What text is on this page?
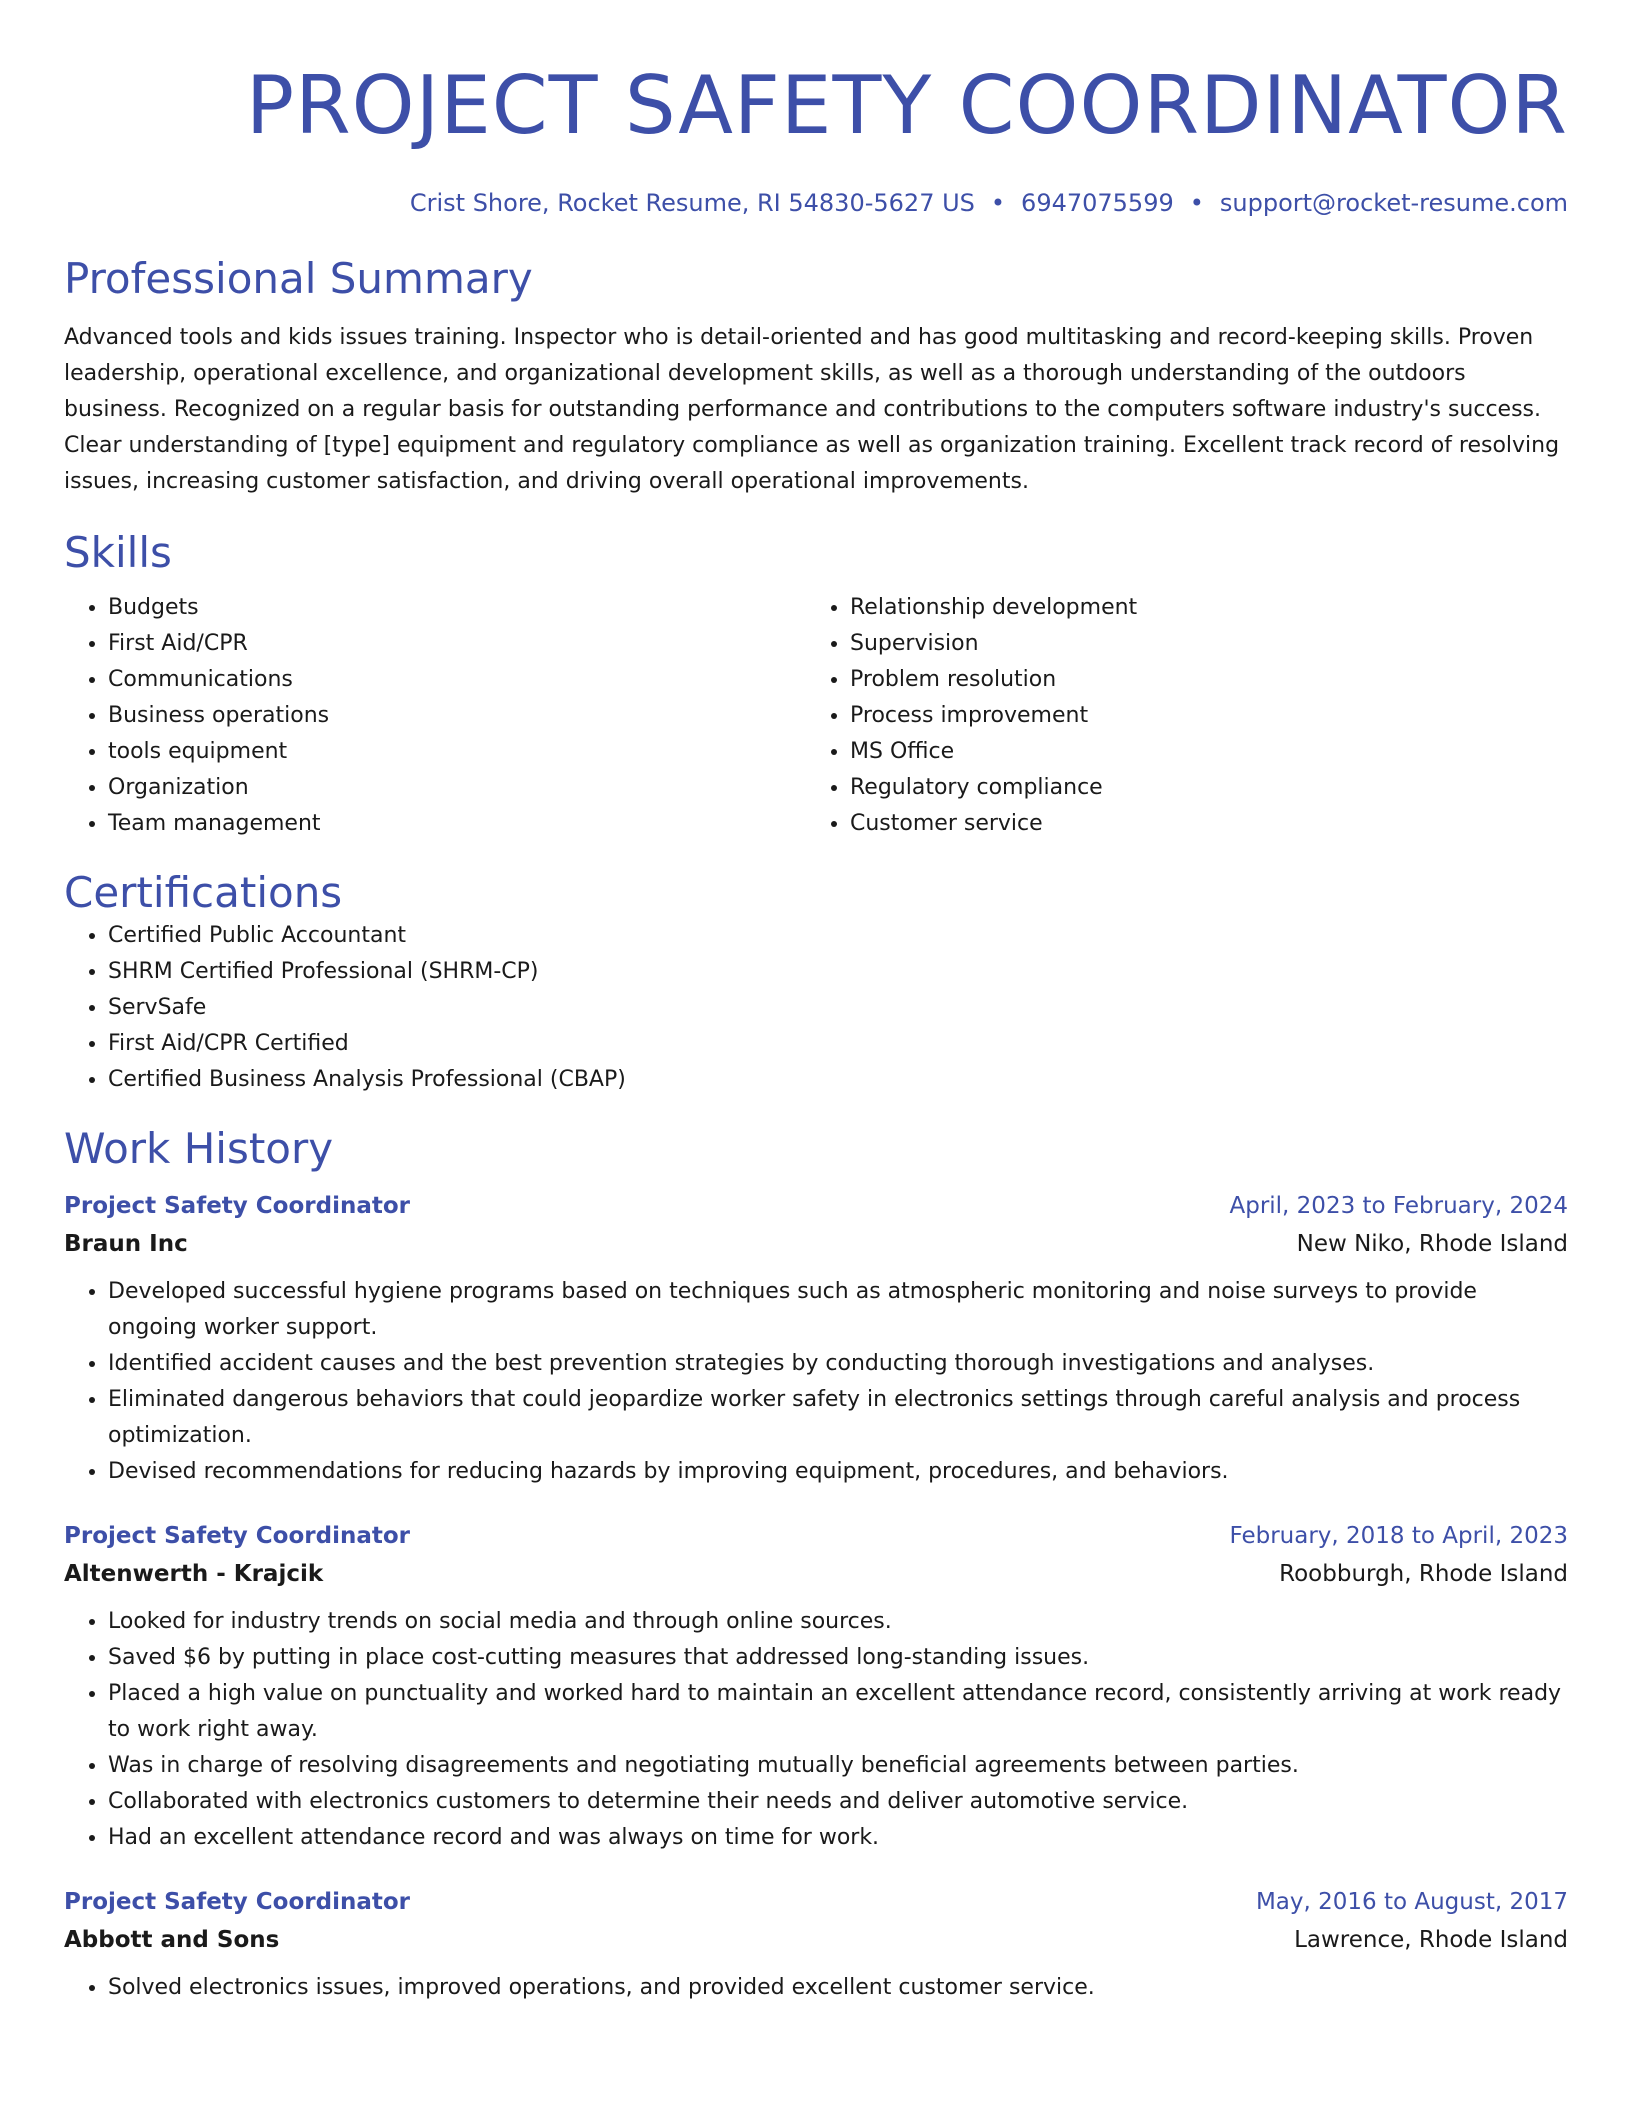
PROJECT SAFETY COORDINATOR
Crist Shore, Rocket Resume, RI 54830-5627 US • 6947075599 • support@rocket-resume.com
Professional Summary
Advanced tools and kids issues training. Inspector who is detail-oriented and has good multitasking and record-keeping skills. Proven leadership, operational excellence, and organizational development skills, as well as a thorough understanding of the outdoors business. Recognized on a regular basis for outstanding performance and contributions to the computers software industry's success. Clear understanding of [type] equipment and regulatory compliance as well as organization training. Excellent track record of resolving issues, increasing customer satisfaction, and driving overall operational improvements.
Skills
• Budgets
• First Aid/CPR
• Communications
• Business operations
• tools equipment
• Organization
• Team management
• Relationship development
• Supervision
• Problem resolution
• Process improvement
• MS Office
• Regulatory compliance
• Customer service
Certifications
• Certified Public Accountant
• SHRM Certified Professional (SHRM-CP)
• ServSafe
• First Aid/CPR Certified
• Certified Business Analysis Professional (CBAP)
Work History
Project Safety Coordinator	April, 2023 to February, 2024
Braun Inc	New Niko, Rhode Island
• Developed successful hygiene programs based on techniques such as atmospheric monitoring and noise surveys to provide ongoing worker support.
• Identified accident causes and the best prevention strategies by conducting thorough investigations and analyses.
• Eliminated dangerous behaviors that could jeopardize worker safety in electronics settings through careful analysis and process optimization.
• Devised recommendations for reducing hazards by improving equipment, procedures, and behaviors.
Project Safety Coordinator	February, 2018 to April, 2023
Altenwerth - Krajcik	Roobburgh, Rhode Island
• Looked for industry trends on social media and through online sources.
• Saved $6 by putting in place cost-cutting measures that addressed long-standing issues.
• Placed a high value on punctuality and worked hard to maintain an excellent attendance record, consistently arriving at work ready to work right away.
• Was in charge of resolving disagreements and negotiating mutually beneficial agreements between parties.
• Collaborated with electronics customers to determine their needs and deliver automotive service.
• Had an excellent attendance record and was always on time for work.
Project Safety Coordinator	May, 2016 to August, 2017
Abbott and Sons	Lawrence, Rhode Island
• Solved electronics issues, improved operations, and provided excellent customer service.
